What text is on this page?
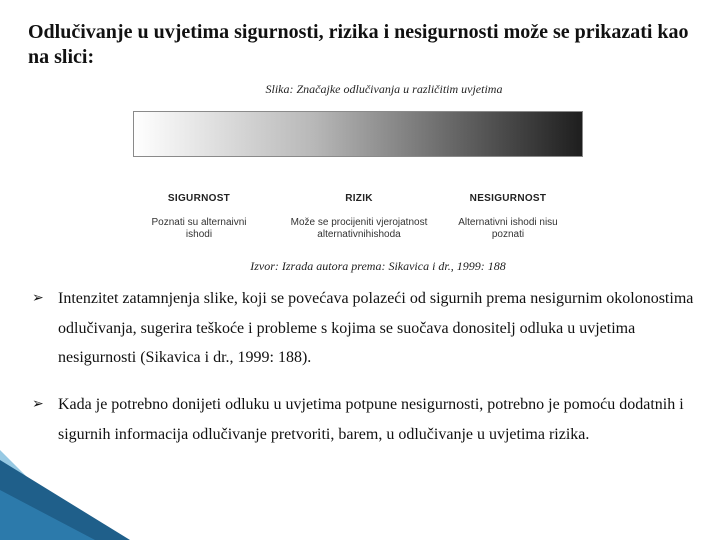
Odlučivanje u uvjetima sigurnosti, rizika i nesigurnosti može se prikazati kao na slici:
Slika: Značajke odlučivanja u različitim uvjetima
SIGURNOST
Poznati su alternaivni ishodi
RIZIK
Može se procijeniti vjerojatnost alternativnihishoda
NESIGURNOST
Alternativni ishodi nisu poznati
Izvor: Izrada autora prema: Sikavica i dr., 1999: 188
➢ Intenzitet zatamnjenja slike, koji se povećava polazeći od sigurnih prema nesigurnim okolonostima odlučivanja, sugerira teškoće i probleme s kojima se suočava donositelj odluka u uvjetima nesigurnosti (Sikavica i dr., 1999: 188).
➢ Kada je potrebno donijeti odluku u uvjetima potpune nesigurnosti, potrebno je pomoću dodatnih i sigurnih informacija odlučivanje pretvoriti, barem, u odlučivanje u uvjetima rizika.
